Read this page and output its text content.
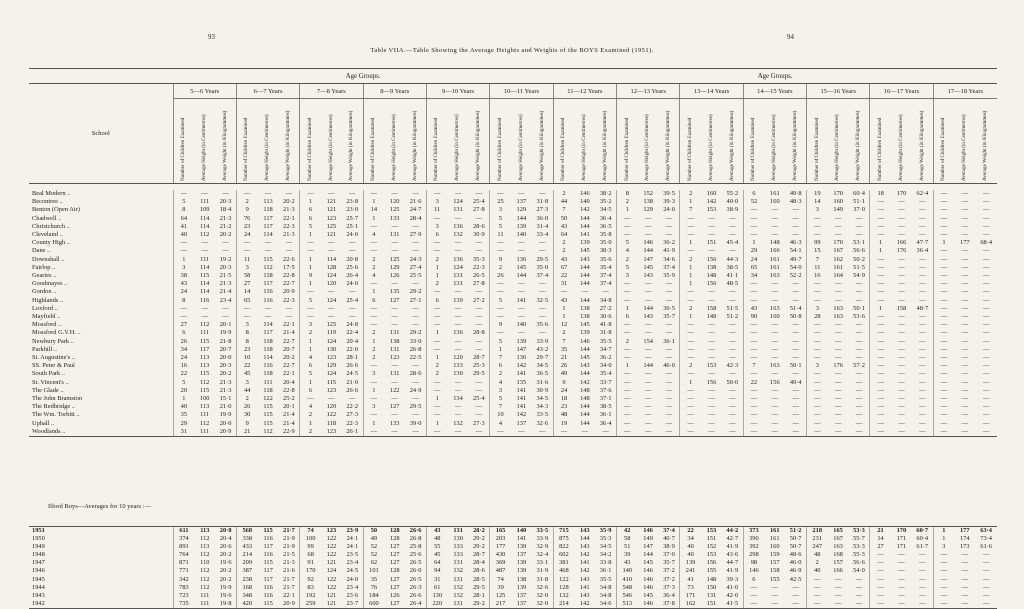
93	94
Table VIIA.—Table Showing the Average Heights and Weights of the BOYS Examined (1951).
	Age Groups.																		Age Groups.																				
School	5—6 Years			6—7 Years			7—8 Years			8—9 Years			9—10 Years			10—11 Years			11—12 Years			12—13 Years			13—14 Years			14—15 Years			15—16 Years			16—17 Years			17—18 Years		
	Number of Children Examined	Average Height (in Centimetres)	Average Weight (in Kilogrammes)	Number of Children Examined	Average Height (in Centimetres)	Average Weight (in Kilogrammes)	Number of Children Examined	Average Height (in Centimetres)	Average Weight (in Kilogrammes)	Number of Children Examined	Average Height (in Centimetres)	Average Weight (in Kilogrammes)	Number of Children Examined	Average Height (in Centimetres)	Average Weight (in Kilogrammes)	Number of Children Examined	Average Height (in Centimetres)	Average Weight (in Kilogrammes)	Number of Children Examined	Average Height (in Centimetres)	Average Weight (in Kilogrammes)	Number of Children Examined	Average Height (in Centimetres)	Average Weight (in Kilogrammes)	Number of Children Examined	Average Height (in Centimetres)	Average Weight (in Kilogrammes)	Number of Children Examined	Average Height (in Centimetres)	Average Weight (in Kilogrammes)	Number of Children Examined	Average Height (in Centimetres)	Average Weight (in Kilogrammes)	Number of Children Examined	Average Height (in Centimetres)	Average Weight (in Kilogrammes)	Number of Children Examined	Average Height (in Centimetres)	Average Weight (in Kilogrammes)

Beal Modern ..	—	—	—	—	—	—	—	—	—	—	—	—	—	—	—	—	—	—	2	146	38·2	8	152	39·5	2	160	55·2	6	161	49·8	19	170	60·4	18	170	62·4	—	—	—
Becontree ..	5	111	20·3	2	113	20·2	1	121	23·8	1	120	21·6	3	124	25·4	25	137	31·8	44	140	35·2	2	138	39·3	1	142	40·0	52	160	48·3	14	160	51·1	—	—	—	—	—	—
Benton (Open Air)	8	109	18·4	9	118	21·3	6	121	23·0	14	125	24·7	11	131	27·8	3	129	27·3	7	142	34·5	1	129	24·0	7	153	38·9	—	—	—	3	149	37·0	—	—	—	—	—	—
Chadwell ..	64	114	21·3	76	117	22·1	6	123	25·7	1	133	28·4	—	—	—	5	144	36·0	50	144	36·4	—	—	—	—	—	—	—	—	—	—	—	—	—	—	—	—	—	—
Christchurch ..	41	114	21·2	23	117	22·3	5	125	25·1	—	—	—	3	136	28·6	5	139	31·4	43	144	36·5	—	—	—	—	—	—	—	—	—	—	—	—	—	—	—	—	—	—
Cleveland ..	40	112	20·2	24	114	21·3	1	121	24·0	4	131	27·9	6	132	30·9	11	140	33·4	64	141	35·8	—	—	—	—	—	—	—	—	—	—	—	—	—	—	—	—	—	—
County High ..	—	—	—	—	—	—	—	—	—	—	—	—	—	—	—	—	—	—	2	139	35·0	5	146	36·2	1	151	45·4	1	148	46·3	99	170	53·1	1	166	47·7	1	177	68·4
Dane ..	—	—	—	—	—	—	—	—	—	—	—	—	—	—	—	—	—	—	2	145	38·3	4	144	41·9	—	—	—	29	166	54·1	15	167	56·6	1	176	36·4	—	—	—
Downshall ..	1	111	19·2	11	115	22·6	1	114	20·8	2	125	24·3	2	136	35·3	9	136	29·5	43	143	35·6	2	147	34·6	2	156	44·3	24	161	49·7	7	162	50·2	—	—	—	—	—	—
Fairlop ..	3	114	20·3	3	112	17·5	1	128	25·6	2	129	27·4	1	124	22·3	2	145	35·0	67	144	35·4	5	145	37·4	1	138	38·5	65	161	54·0	11	161	51·5	—	—	—	—	—	—
Gearies ..	38	115	21·5	58	118	22·8	9	124	26·4	4	126	25·5	1	131	26·5	26	144	37·4	22	144	37·4	3	143	35·9	1	148	41·1	34	163	52·2	16	164	54·9	—	—	—	—	—	—
Goodmayes ..	43	114	21·3	27	117	22·7	1	120	24·0	—	—	—	2	131	27·8	—	—	—	31	144	37·4	—	—	—	1	156	48·5	—	—	—	—	—	—	—	—	—	—	—	—
Gordon ..	24	114	21·4	14	116	20·9	—	—	—	1	135	29·2	—	—	—	—	—	—	—	—	—	—	—	—	—	—	—	—	—	—	—	—	—	—	—	—	—	—	—
Highlands ..	8	116	23·4	65	116	22·3	5	124	25·4	6	127	27·1	6	139	27·2	5	141	32·5	43	144	34·8	—	—	—	—	—	—	—	—	—	—	—	—	—	—	—	—	—	—
Loxford ..	—	—	—	—	—	—	—	—	—	—	—	—	—	—	—	—	—	—	1	138	27·2	1	144	36·5	2	158	51·5	43	163	51·4	3	163	50·1	1	158	48·7	—	—	—
Mayfield ..	—	—	—	—	—	—	—	—	—	—	—	—	—	—	—	—	—	—	1	138	30·6	6	143	35·7	1	148	51·2	90	160	50·8	28	163	53·6	—	—	—	—	—	—
Mossford ..	27	112	20·1	3	114	22·1	3	125	24·8	—	—	—	—	—	—	9	140	35·6	12	145	41·8	—	—	—	—	—	—	—	—	—	—	—	—	—	—	—	—	—	—
Mossford G.V.H. ..	6	111	19·9	8	117	21·4	2	119	22·4	2	131	29·2	1	136	28·8	—	—	—	2	139	31·8	—	—	—	—	—	—	—	—	—	—	—	—	—	—	—	—	—	—
Newbury Park ..	26	115	21·8	8	118	22·7	1	124	20·4	1	138	33·0	—	—	—	5	139	33·9	7	146	35·5	2	154	36·1	—	—	—	—	—	—	—	—	—	—	—	—	—	—	—
Parkhill ..	34	117	20·7	23	118	20·7	1	130	22·0	2	131	26·8	—	—	—	1	147	43·2	35	144	34·7	—	—	—	—	—	—	—	—	—	—	—	—	—	—	—	—	—	—
St. Augustine's ..	24	113	20·0	10	114	20·2	4	123	28·1	2	123	22·5	1	120	28·7	7	136	29·7	21	145	36·2	—	—	—	—	—	—	—	—	—	—	—	—	—	—	—	—	—	—
SS. Peter & Paul	16	113	20·3	22	116	22·7	6	129	26·6	—	—	—	2	133	25·3	6	142	34·5	26	143	34·0	1	144	46·0	2	153	42·3	7	163	50·1	3	176	57·2	—	—	—	—	—	—
South Park ..	22	115	20·2	45	118	22·1	5	124	24·5	3	131	28·6	2	130	29·5	2	141	36·5	49	144	35·4	—	—	—	—	—	—	—	—	—	—	—	—	—	—	—	—	—	—
St. Vincent's ..	5	112	21·3	3	111	20·4	1	115	21·0	—	—	—	—	—	—	4	135	31·6	9	142	33·7	—	—	—	1	156	50·0	22	156	49·4	—	—	—	—	—	—	—	—	—
The Glade ..	20	115	21·3	44	118	22·8	6	123	26·6	1	122	24·9	—	—	—	3	141	30·9	24	148	37·6	—	—	—	—	—	—	—	—	—	—	—	—	—	—	—	—	—	—
The John Bramston	1	100	15·1	2	122	25·2	—	—	—	—	—	—	1	134	25·4	5	141	34·5	18	148	37·1	—	—	—	—	—	—	—	—	—	—	—	—	—	—	—	—	—	—
The Redbridge ..	40	113	21·0	26	115	20·1	4	120	22·2	3	127	29·5	—	—	—	7	141	34·3	23	144	38·5	—	—	—	—	—	—	—	—	—	—	—	—	—	—	—	—	—	—
The Wm. Torbitt ..	35	111	19·9	30	115	21·4	2	122	27·3	—	—	—	—	—	—	10	142	33·5	48	144	36·1	—	—	—	—	—	—	—	—	—	—	—	—	—	—	—	—	—	—
Uphall ..	29	112	20·0	9	115	21·4	1	118	22·3	1	133	39·0	1	132	27·3	4	137	32·6	19	144	36·4	—	—	—	—	—	—	—	—	—	—	—	—	—	—	—	—	—	—
Woodlands ..	31	111	20·9	21	112	22·9	2	123	26·1	—	—	—	—	—	—	—	—	—	—	—	—	—	—	—	—	—	—	—	—	—	—	—	—	—	—	—	—	—	—
Ilford Boys—Averages for 10 years :—
1951	611	113	20·8	568	115	21·7	74	123	23·9	50	128	26·6	43	131	28·2	165	140	33·5	715	143	35·9	42	146	37·4	22	153	44·2	373	161	51·2	218	165	53·3	21	170	60·7	1	177	63·4
1950	374	112	20·4	338	116	21·9	100	122	24·1	49	128	26·8	48	130	29·2	203	141	33·9	875	144	35·3	58	149	40·7	34	151	42·7	390	161	50·7	231	167	55·7	14	171	60·4	1	174	73·4
1949	891	113	20·6	433	117	21·9	99	122	24·1	52	127	25·8	55	133	29·2	177	139	32·9	822	143	34·5	51	147	38·9	40	152	41·9	392	160	50·7	247	163	53·3	27	171	61·7	3	173	61·6
1948	764	112	20·2	214	116	21·5	68	122	23·5	52	127	25·6	45	133	28·7	430	137	32·4	602	142	34·2	39	144	37·0	40	153	43·6	298	159	48·6	48	168	55·3	—	—	—	—	—	—
1947	871	110	19·6	209	115	21·3	91	121	23·4	62	127	26·5	64	131	28·4	369	139	33·1	381	141	33·8	43	145	35·7	139	156	44·7	98	157	46·0	2	157	56·6	—	—	—	—	—	—
1946	771	112	20·2	387	117	21·6	170	124	24·5	101	128	26·0	94	132	28·6	487	139	31·9	468	142	36·1	140	146	37·2	241	155	41·9	146	158	46·9	40	166	54·0	—	—	—	—	—	—
1945	342	112	20·2	238	117	21·7	92	122	24·0	35	127	26·5	31	131	28·5	74	138	31·8	122	143	35·5	410	146	37·2	41	148	39·3	6	155	42·5	—	—	—	—	—	—	—	—	—
1944	783	112	19·9	168	116	21·7	83	122	23·4	76	127	26·3	61	132	29·5	39	139	32·6	128	141	34·8	548	146	37·3	73	150	41·0	—	—	—	—	—	—	—	—	—	—	—	—
1943	723	111	19·6	348	116	22·1	192	121	23·6	184	126	26·6	130	132	28·1	125	137	32·0	132	143	34·8	546	145	36·4	171	131	42·0	—	—	—	—	—	—	—	—	—	—	—	—
1942	735	111	19·8	420	115	20·9	259	121	23·7	600	127	26·4	220	131	29·2	217	137	32·0	214	142	34·6	513	146	37·8	162	151	41·5	—	—	—	—	—	—	—	—	—	—	—	—
